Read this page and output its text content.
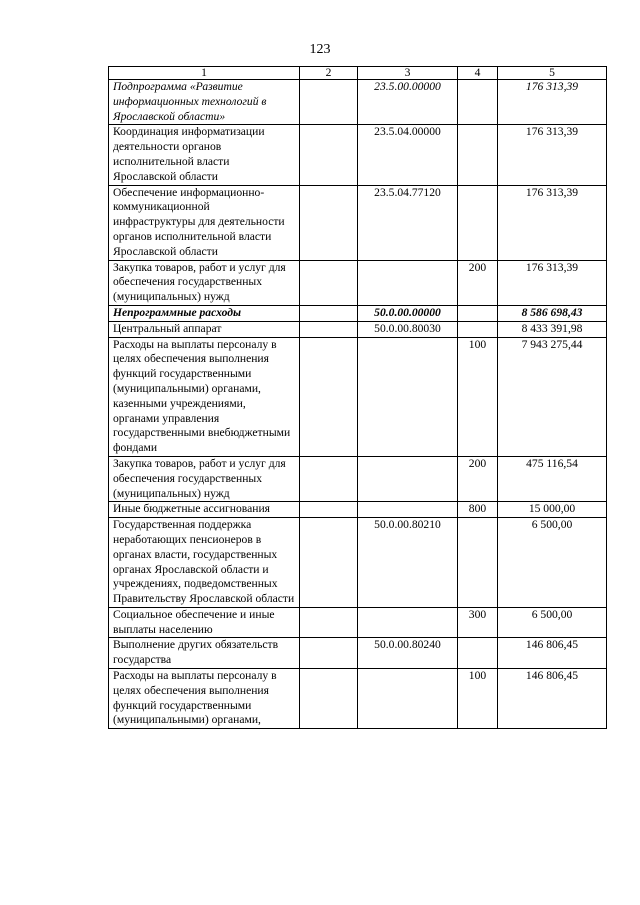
123
1	2	3	4	5
Подпрограмма «Развитие информационных технологий в Ярославской области»		23.5.00.00000		176 313,39
Координация информатизации деятельности органов исполнительной власти Ярославской области		23.5.04.00000		176 313,39
Обеспечение информационно-коммуникационной инфраструктуры для деятельности органов исполнительной власти Ярославской области		23.5.04.77120		176 313,39
Закупка товаров, работ и услуг для обеспечения государственных (муниципальных) нужд			200	176 313,39
Непрограммные расходы		50.0.00.00000		8 586 698,43
Центральный аппарат		50.0.00.80030		8 433 391,98
Расходы на выплаты персоналу в целях обеспечения выполнения функций государственными (муниципальными) органами, казенными учреждениями, органами управления государственными внебюджетными фондами			100	7 943 275,44
Закупка товаров, работ и услуг для обеспечения государственных (муниципальных) нужд			200	475 116,54
Иные бюджетные ассигнования			800	15 000,00
Государственная поддержка неработающих пенсионеров в органах власти, государственных органах Ярославской области и учреждениях, подведомственных Правительству Ярославской области		50.0.00.80210		6 500,00
Социальное обеспечение и иные выплаты населению			300	6 500,00
Выполнение других обязательств государства		50.0.00.80240		146 806,45
Расходы на выплаты персоналу в целях обеспечения выполнения функций государственными (муниципальными) органами,			100	146 806,45
